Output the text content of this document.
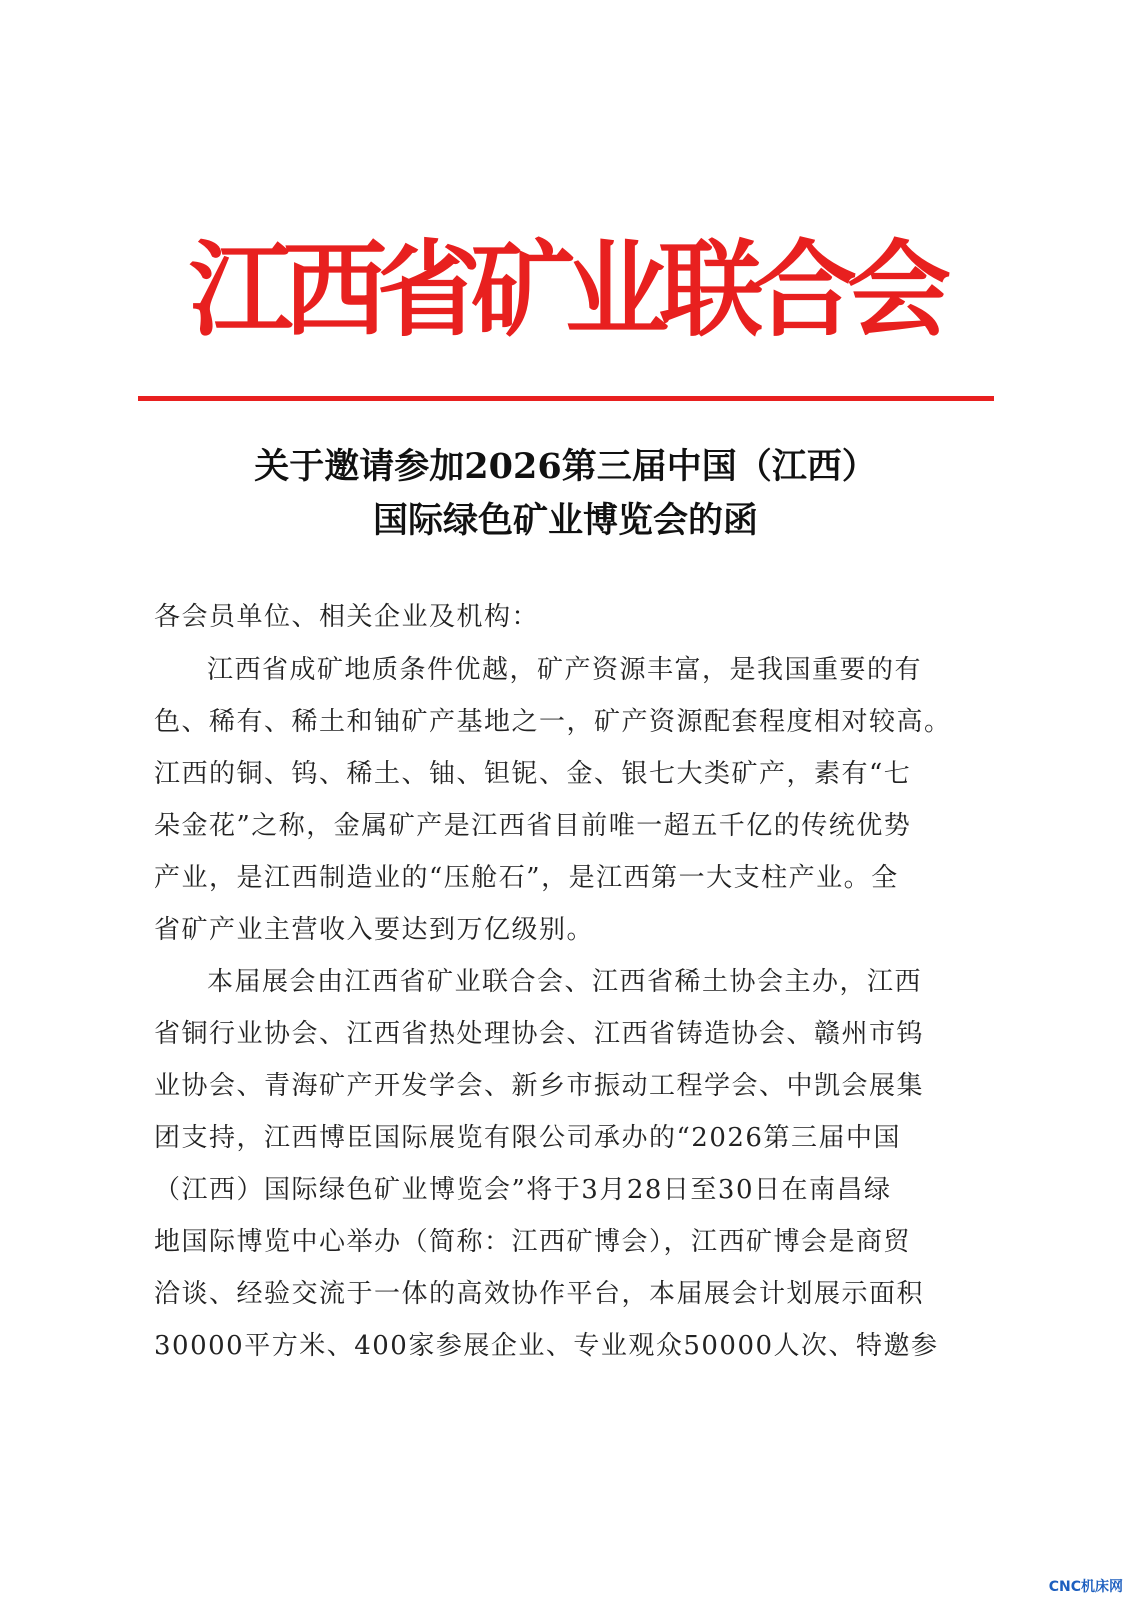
江西省矿业联合会
关于邀请参加2026第三届中国（江西）
国际绿色矿业博览会的函
各会员单位、相关企业及机构：
江西省成矿地质条件优越，矿产资源丰富，是我国重要的有
色、稀有、稀土和铀矿产基地之一，矿产资源配套程度相对较高。
江西的铜、钨、稀土、铀、钽铌、金、银七大类矿产，素有“七
朵金花”之称，金属矿产是江西省目前唯一超五千亿的传统优势
产业，是江西制造业的“压舱石”，是江西第一大支柱产业。全
省矿产业主营收入要达到万亿级别。
本届展会由江西省矿业联合会、江西省稀土协会主办，江西
省铜行业协会、江西省热处理协会、江西省铸造协会、赣州市钨
业协会、青海矿产开发学会、新乡市振动工程学会、中凯会展集
团支持，江西博臣国际展览有限公司承办的“2026第三届中国
（江西）国际绿色矿业博览会”将于3月28日至30日在南昌绿
地国际博览中心举办（简称：江西矿博会），江西矿博会是商贸
洽谈、经验交流于一体的高效协作平台，本届展会计划展示面积
30000平方米、400家参展企业、专业观众50000人次、特邀参
CNC机床网
